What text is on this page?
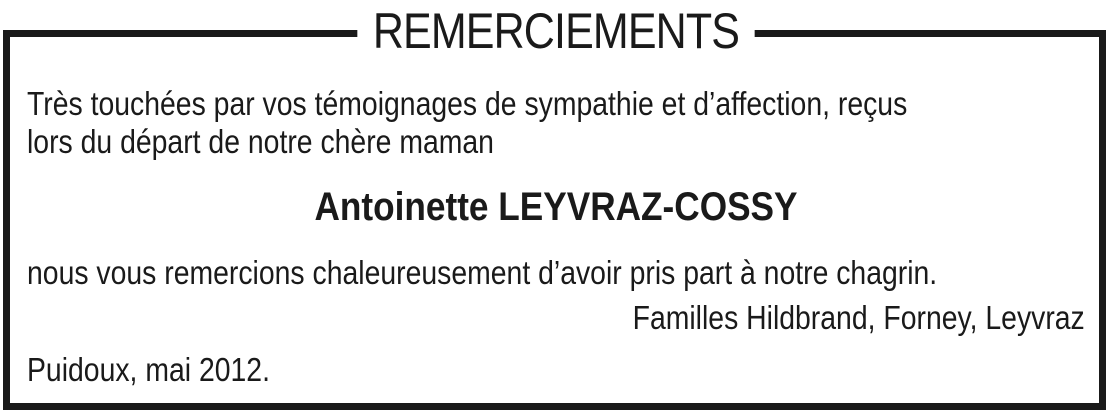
REMERCIEMENTS
Très touchées par vos témoignages de sympathie et d’affection, reçus
lors du départ de notre chère maman
Antoinette LEYVRAZ-COSSY
nous vous remercions chaleureusement d’avoir pris part à notre chagrin.
Familles Hildbrand, Forney, Leyvraz
Puidoux, mai 2012.
